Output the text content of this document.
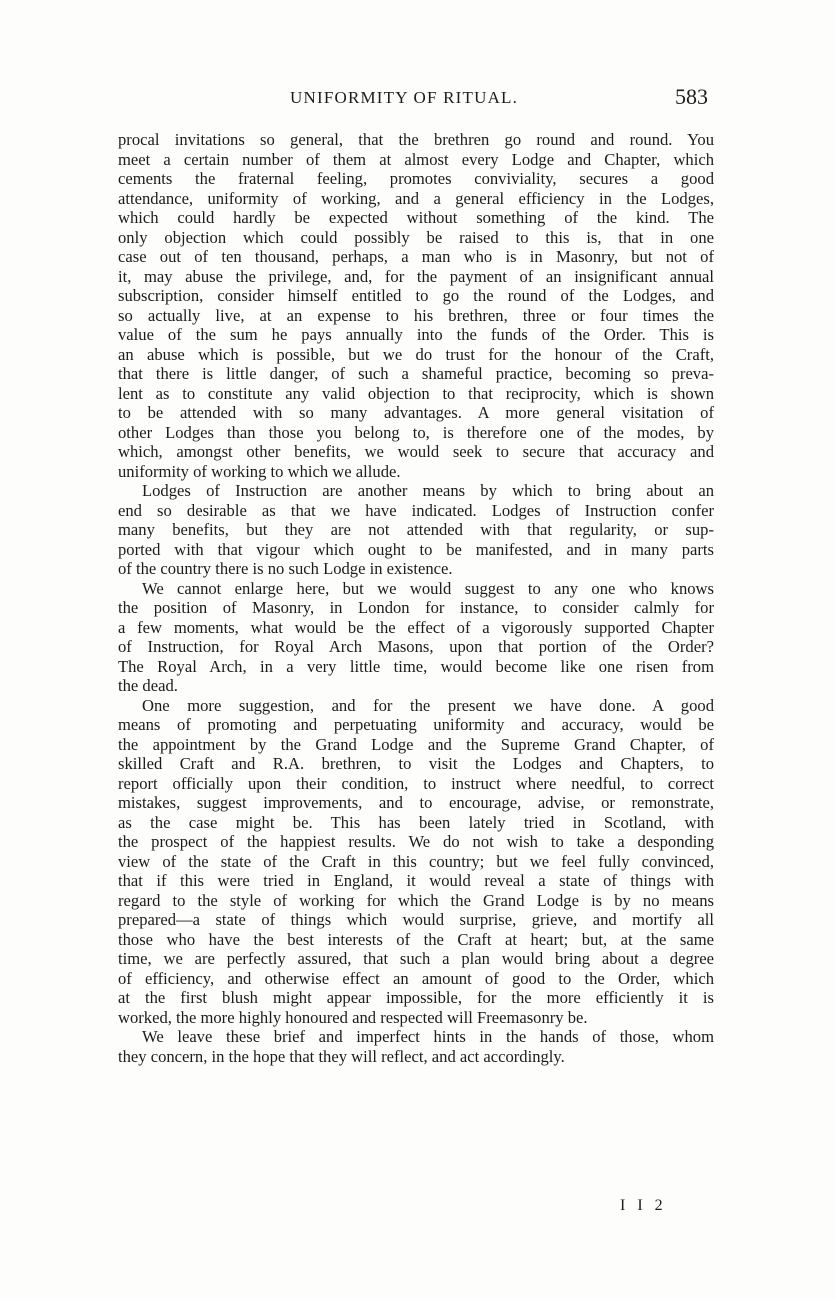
UNIFORMITY OF RITUAL.	583
procal invitations so general, that the brethren go round and round. You
meet a certain number of them at almost every Lodge and Chapter, which
cements the fraternal feeling, promotes conviviality, secures a good
attendance, uniformity of working, and a general efficiency in the Lodges,
which could hardly be expected without something of the kind. The
only objection which could possibly be raised to this is, that in one
case out of ten thousand, perhaps, a man who is in Masonry, but not of
it, may abuse the privilege, and, for the payment of an insignificant annual
subscription, consider himself entitled to go the round of the Lodges, and
so actually live, at an expense to his brethren, three or four times the
value of the sum he pays annually into the funds of the Order. This is
an abuse which is possible, but we do trust for the honour of the Craft,
that there is little danger, of such a shameful practice, becoming so preva-
lent as to constitute any valid objection to that reciprocity, which is shown
to be attended with so many advantages. A more general visitation of
other Lodges than those you belong to, is therefore one of the modes, by
which, amongst other benefits, we would seek to secure that accuracy and
uniformity of working to which we allude.
Lodges of Instruction are another means by which to bring about an
end so desirable as that we have indicated. Lodges of Instruction confer
many benefits, but they are not attended with that regularity, or sup-
ported with that vigour which ought to be manifested, and in many parts
of the country there is no such Lodge in existence.
We cannot enlarge here, but we would suggest to any one who knows
the position of Masonry, in London for instance, to consider calmly for
a few moments, what would be the effect of a vigorously supported Chapter
of Instruction, for Royal Arch Masons, upon that portion of the Order?
The Royal Arch, in a very little time, would become like one risen from
the dead.
One more suggestion, and for the present we have done. A good
means of promoting and perpetuating uniformity and accuracy, would be
the appointment by the Grand Lodge and the Supreme Grand Chapter, of
skilled Craft and R.A. brethren, to visit the Lodges and Chapters, to
report officially upon their condition, to instruct where needful, to correct
mistakes, suggest improvements, and to encourage, advise, or remonstrate,
as the case might be. This has been lately tried in Scotland, with
the prospect of the happiest results. We do not wish to take a desponding
view of the state of the Craft in this country; but we feel fully convinced,
that if this were tried in England, it would reveal a state of things with
regard to the style of working for which the Grand Lodge is by no means
prepared—a state of things which would surprise, grieve, and mortify all
those who have the best interests of the Craft at heart; but, at the same
time, we are perfectly assured, that such a plan would bring about a degree
of efficiency, and otherwise effect an amount of good to the Order, which
at the first blush might appear impossible, for the more efficiently it is
worked, the more highly honoured and respected will Freemasonry be.
We leave these brief and imperfect hints in the hands of those, whom
they concern, in the hope that they will reflect, and act accordingly.
I I 2
